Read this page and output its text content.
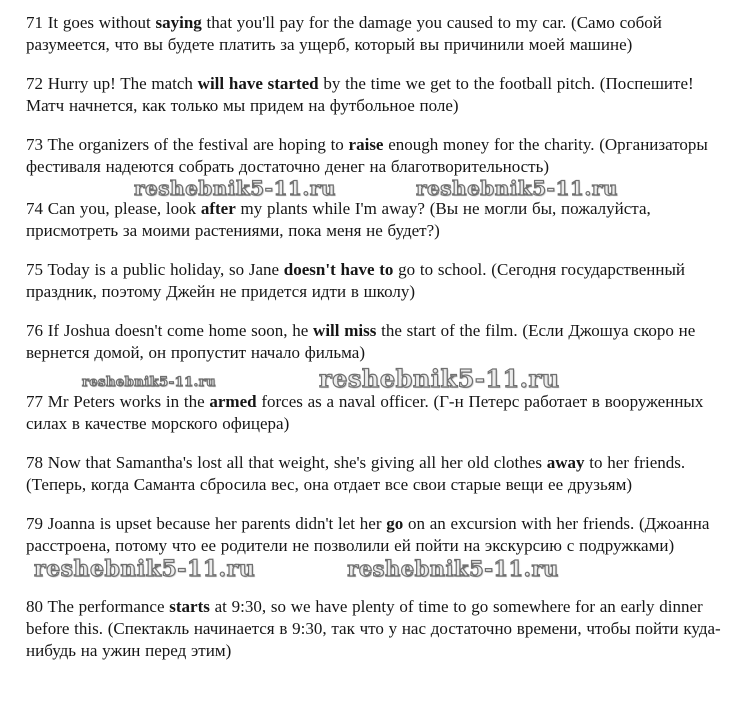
71 It goes without saying that you'll pay for the damage you caused to my car. (Само собой разумеется, что вы будете платить за ущерб, который вы причинили моей машине)

72 Hurry up! The match will have started by the time we get to the football pitch. (Поспешите! Матч начнется, как только мы придем на футбольное поле)

73 The organizers of the festival are hoping to raise enough money for the charity. (Организаторы фестиваля надеются собрать достаточно денег на благотворительность)

reshebnik5-11.ru	reshebnik5-11.ru

74 Can you, please, look after my plants while I'm away? (Вы не могли бы, пожалуйста, присмотреть за моими растениями, пока меня не будет?)

75 Today is a public holiday, so Jane doesn't have to go to school. (Сегодня государственный праздник, поэтому Джейн не придется идти в школу)

76 If Joshua doesn't come home soon, he will miss the start of the film. (Если Джошуа скоро не вернется домой, он пропустит начало фильма)

reshebnik5-11.ru	reshebnik5-11.ru

77 Mr Peters works in the armed forces as a naval officer. (Г-н Петерс работает в вооруженных силах в качестве морского офицера)

78 Now that Samantha's lost all that weight, she's giving all her old clothes away to her friends. (Теперь, когда Саманта сбросила вес, она отдает все свои старые вещи ее друзьям)

79 Joanna is upset because her parents didn't let her go on an excursion with her friends. (Джоанна расстроена, потому что ее родители не позволили ей пойти на экскурсию с подружками)reshebnik5-11.ru	reshebnik5-11.ru

80 The performance starts at 9:30, so we have plenty of time to go somewhere for an early dinner before this. (Спектакль начинается в 9:30, так что у нас достаточно времени, чтобы пойти куда-нибудь на ужин перед этим)
